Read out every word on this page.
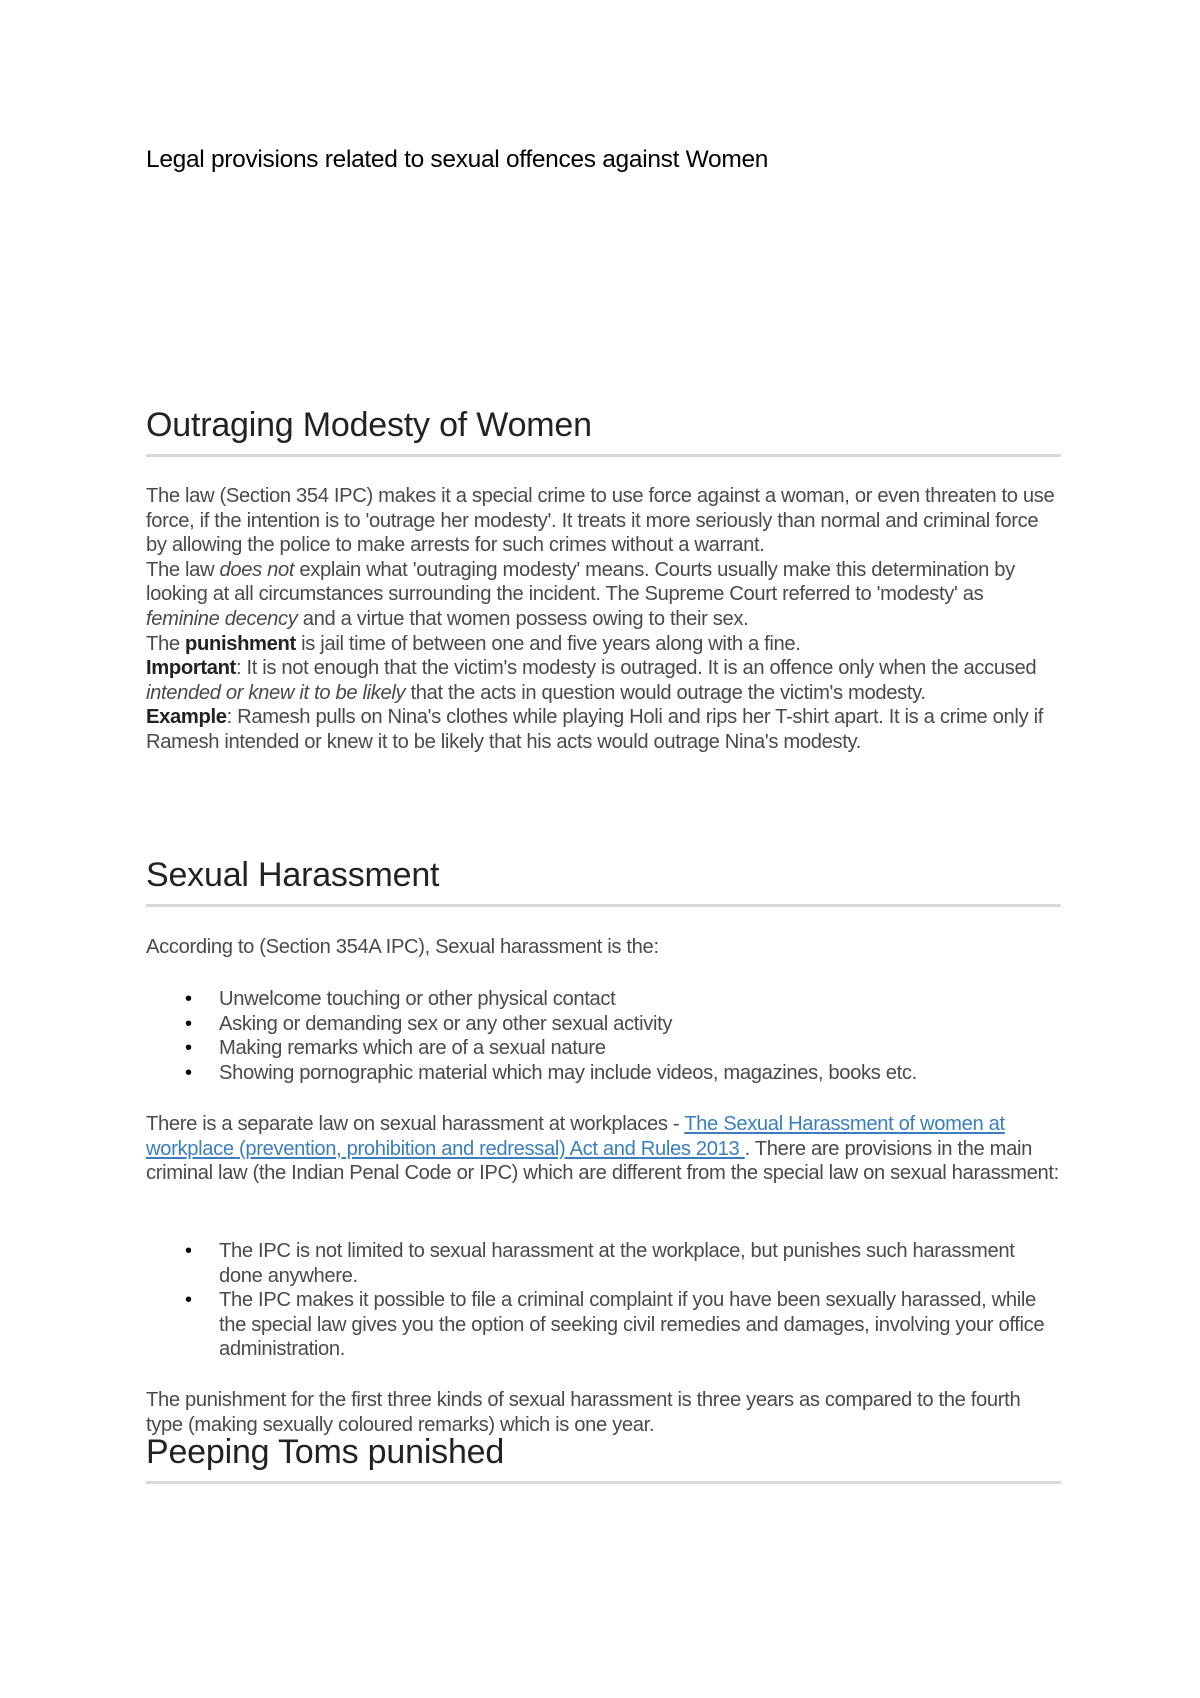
Legal provisions related to sexual offences against Women
Outraging Modesty of Women

The law (Section 354 IPC) makes it a special crime to use force against a woman, or even threaten to use force, if the intention is to 'outrage her modesty'. It treats it more seriously than normal and criminal force by allowing the police to make arrests for such crimes without a warrant.

The law does not explain what 'outraging modesty' means. Courts usually make this determination by looking at all circumstances surrounding the incident. The Supreme Court referred to 'modesty' as feminine decency and a virtue that women possess owing to their sex.

The punishment is jail time of between one and five years along with a fine.

Important: It is not enough that the victim's modesty is outraged. It is an offence only when the accused intended or knew it to be likely that the acts in question would outrage the victim's modesty.

Example: Ramesh pulls on Nina's clothes while playing Holi and rips her T-shirt apart. It is a crime only if Ramesh intended or knew it to be likely that his acts would outrage Nina's modesty.

Sexual Harassment
According to (Section 354A IPC), Sexual harassment is the:
• Unwelcome touching or other physical contact
• Asking or demanding sex or any other sexual activity
• Making remarks which are of a sexual nature
• Showing pornographic material which may include videos, magazines, books etc.
There is a separate law on sexual harassment at workplaces - The Sexual Harassment of women at workplace (prevention, prohibition and redressal) Act and Rules 2013 . There are provisions in the main criminal law (the Indian Penal Code or IPC) which are different from the special law on sexual harassment:
• The IPC is not limited to sexual harassment at the workplace, but punishes such harassment done anywhere.
• The IPC makes it possible to file a criminal complaint if you have been sexually harassed, while the special law gives you the option of seeking civil remedies and damages, involving your office administration.
The punishment for the first three kinds of sexual harassment is three years as compared to the fourth type (making sexually coloured remarks) which is one year.
Peeping Toms punished
